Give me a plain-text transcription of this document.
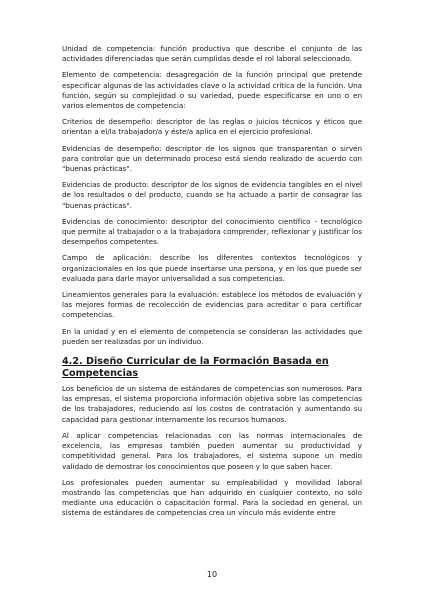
Unidad de competencia: función productiva que describe el conjunto de las actividades diferenciadas que serán cumplidas desde el rol laboral seleccionado.

Elemento de competencia: desagregación de la función principal que pretende especificar algunas de las actividades clave o la actividad crítica de la función. Una función, según su complejidad o su variedad, puede especificarse en uno o en varios elementos de competencia:

Criterios de desempeño: descriptor de las reglas o juicios técnicos y éticos que orientan a el/la trabajador/a y éste/a aplica en el ejercicio profesional.

Evidencias de desempeño: descriptor de los signos que transparentan o sirven para controlar que un determinado proceso está siendo realizado de acuerdo con "buenas prácticas".

Evidencias de producto: descriptor de los signos de evidencia tangibles en el nivel de los resultados o del producto, cuando se ha actuado a partir de consagrar las "buenas prácticas".

Evidencias de conocimiento: descriptor del conocimiento científico - tecnológico que permite al trabajador o a la trabajadora comprender, reflexionar y justificar los desempeños competentes.

Campo de aplicación: describe los diferentes contextos tecnológicos y organizacionales en los que puede insertarse una persona, y en los que puede ser evaluada para darle mayor universalidad a sus competencias.

Lineamientos generales para la evaluación: establece los métodos de evaluación y las mejores formas de recolección de evidencias para acreditar o para certificar competencias.

En la unidad y en el elemento de competencia se consideran las actividades que pueden ser realizadas por un individuo.

4.2. Diseño Curricular de la Formación Basada en Competencias

Los beneficios de un sistema de estándares de competencias son numerosos. Para las empresas, el sistema proporciona información objetiva sobre las competencias de los trabajadores, reduciendo así los costos de contratación y aumentando su capacidad para gestionar internamente los recursos humanos.

Al aplicar competencias relacionadas con las normas internacionales de excelencia, las empresas también pueden aumentar su productividad y competitividad general. Para los trabajadores, el sistema supone un medio validado de demostrar los conocimientos que poseen y lo que saben hacer.

Los profesionales pueden aumentar su empleabilidad y movilidad laboral mostrando las competencias que han adquirido en cualquier contexto, no sólo mediante una educación o capacitación formal. Para la sociedad en general, un sistema de estándares de competencias crea un vínculo más evidente entre

10
